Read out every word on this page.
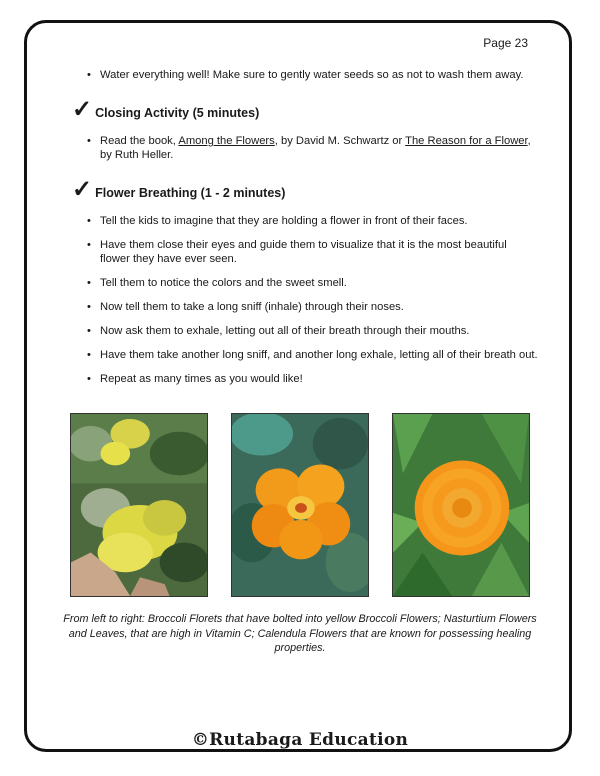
Page 23
• Water everything well! Make sure to gently water seeds so as not to wash them away.
✓ Closing Activity (5 minutes)
• Read the book, Among the Flowers, by David M. Schwartz or The Reason for a Flower, by Ruth Heller.
✓ Flower Breathing (1 - 2 minutes)
• Tell the kids to imagine that they are holding a flower in front of their faces.
• Have them close their eyes and guide them to visualize that it is the most beautiful flower they have ever seen.
• Tell them to notice the colors and the sweet smell.
• Now tell them to take a long sniff (inhale) through their noses.
• Now ask them to exhale, letting out all of their breath through their mouths.
• Have them take another long sniff, and another long exhale, letting all of their breath out.
• Repeat as many times as you would like!
From left to right: Broccoli Florets that have bolted into yellow Broccoli Flowers; Nasturtium Flowers and Leaves, that are high in Vitamin C; Calendula Flowers that are known for possessing healing properties.
©Rutabaga Education
